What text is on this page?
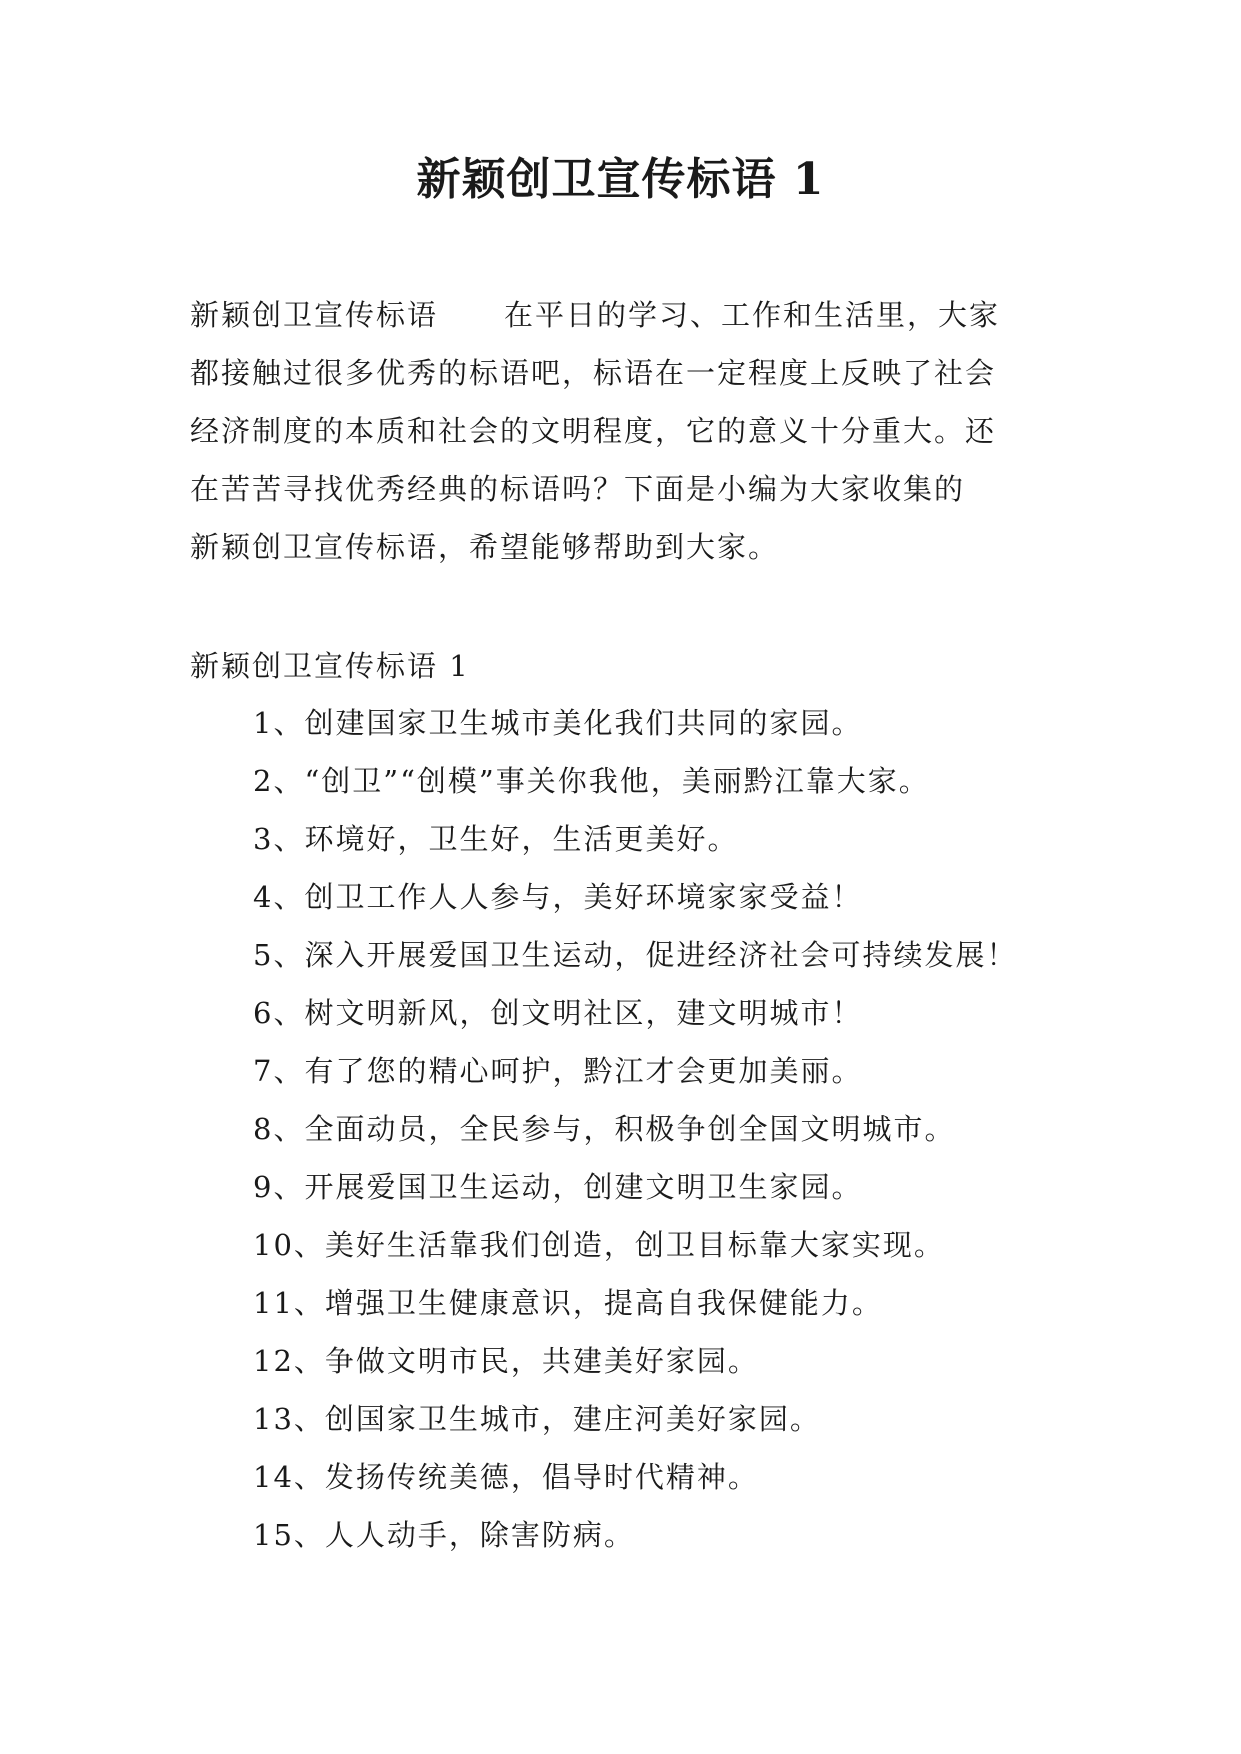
新颖创卫宣传标语 1
新颖创卫宣传标语 在平日的学习、工作和生活里，大家
都接触过很多优秀的标语吧，标语在一定程度上反映了社会
经济制度的本质和社会的文明程度，它的意义十分重大。还
在苦苦寻找优秀经典的标语吗？下面是小编为大家收集的
新颖创卫宣传标语，希望能够帮助到大家。
新颖创卫宣传标语 1
1、创建国家卫生城市美化我们共同的家园。
2、“创卫”“创模”事关你我他，美丽黔江靠大家。
3、环境好，卫生好，生活更美好。
4、创卫工作人人参与，美好环境家家受益！
5、深入开展爱国卫生运动，促进经济社会可持续发展！
6、树文明新风，创文明社区，建文明城市！
7、有了您的精心呵护，黔江才会更加美丽。
8、全面动员，全民参与，积极争创全国文明城市。
9、开展爱国卫生运动，创建文明卫生家园。
10、美好生活靠我们创造，创卫目标靠大家实现。
11、增强卫生健康意识，提高自我保健能力。
12、争做文明市民，共建美好家园。
13、创国家卫生城市，建庄河美好家园。
14、发扬传统美德，倡导时代精神。
15、人人动手，除害防病。
